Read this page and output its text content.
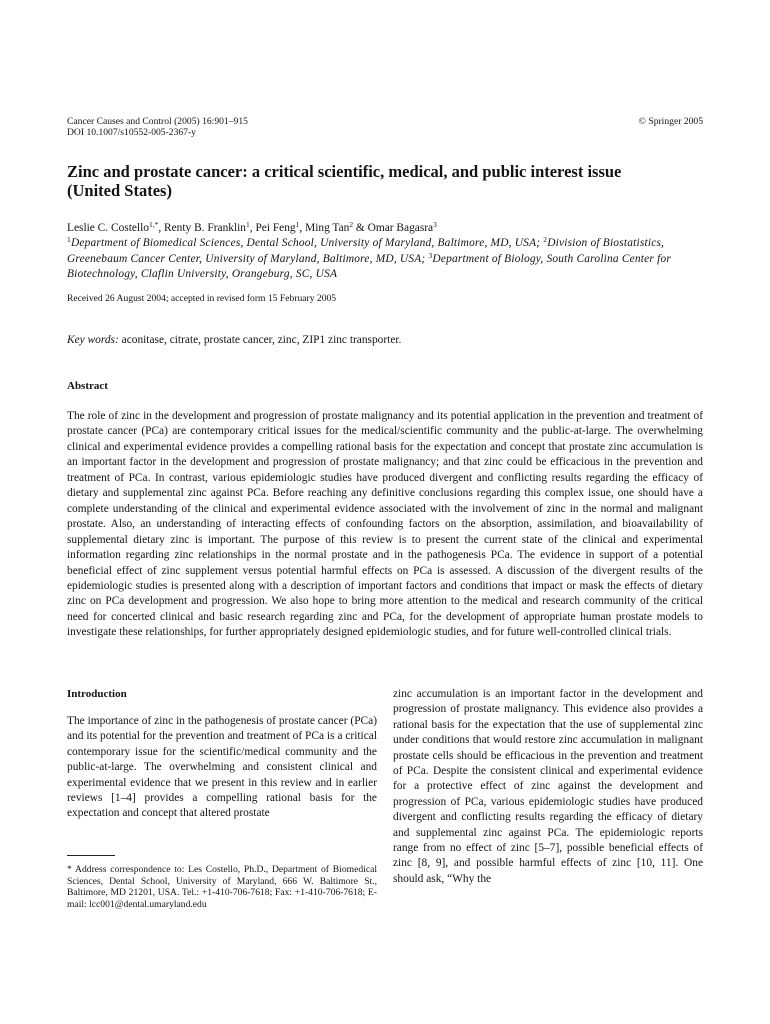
Cancer Causes and Control (2005) 16:901–915
DOI 10.1007/s10552-005-2367-y
© Springer 2005
Zinc and prostate cancer: a critical scientific, medical, and public interest issue
(United States)
Leslie C. Costello$^{1,*}$, Renty B. Franklin$^1$, Pei Feng$^1$, Ming Tan$^2$ & Omar Bagasra$^3$
$^1$Department of Biomedical Sciences, Dental School, University of Maryland, Baltimore, MD, USA; $^2$Division of Biostatistics, Greenebaum Cancer Center, University of Maryland, Baltimore, MD, USA; $^3$Department of Biology, South Carolina Center for Biotechnology, Claflin University, Orangeburg, SC, USA
Received 26 August 2004; accepted in revised form 15 February 2005
Key words: aconitase, citrate, prostate cancer, zinc, ZIP1 zinc transporter.
Abstract

The role of zinc in the development and progression of prostate malignancy and its potential application in the prevention and treatment of prostate cancer (PCa) are contemporary critical issues for the medical/scientific community and the public-at-large. The overwhelming clinical and experimental evidence provides a compelling rational basis for the expectation and concept that prostate zinc accumulation is an important factor in the development and progression of prostate malignancy; and that zinc could be efficacious in the prevention and treatment of PCa. In contrast, various epidemiologic studies have produced divergent and conflicting results regarding the efficacy of dietary and supplemental zinc against PCa. Before reaching any definitive conclusions regarding this complex issue, one should have a complete understanding of the clinical and experimental evidence associated with the involvement of zinc in the normal and malignant prostate. Also, an understanding of interacting effects of confounding factors on the absorption, assimilation, and bioavailability of supplemental dietary zinc is important. The purpose of this review is to present the current state of the clinical and experimental information regarding zinc relationships in the normal prostate and in the pathogenesis PCa. The evidence in support of a potential beneficial effect of zinc supplement versus potential harmful effects on PCa is assessed. A discussion of the divergent results of the epidemiologic studies is presented along with a description of important factors and conditions that impact or mask the effects of dietary zinc on PCa development and progression. We also hope to bring more attention to the medical and research community of the critical need for concerted clinical and basic research regarding zinc and PCa, for the development of appropriate human prostate models to investigate these relationships, for further appropriately designed epidemiologic studies, and for future well-controlled clinical trials.

Introduction

The importance of zinc in the pathogenesis of prostate cancer (PCa) and its potential for the prevention and treatment of PCa is a critical contemporary issue for the scientific/medical community and the public-at-large. The overwhelming and consistent clinical and experimental evidence that we present in this review and in earlier reviews [1–4] provides a compelling rational basis for the expectation and concept that altered prostate

zinc accumulation is an important factor in the development and progression of prostate malignancy. This evidence also provides a rational basis for the expectation that the use of supplemental zinc under conditions that would restore zinc accumulation in malignant prostate cells should be efficacious in the prevention and treatment of PCa. Despite the consistent clinical and experimental evidence for a protective effect of zinc against the development and progression of PCa, various epidemiologic studies have produced divergent and conflicting results regarding the efficacy of dietary and supplemental zinc against PCa. The epidemiologic reports range from no effect of zinc [5–7], possible beneficial effects of zinc [8, 9], and possible harmful effects of zinc [10, 11]. One should ask, “Why the

* Address correspondence to: Les Costello, Ph.D., Department of Biomedical Sciences, Dental School, University of Maryland, 666 W. Baltimore St., Baltimore, MD 21201, USA. Tel.: +1-410-706-7618; Fax: +1-410-706-7618; E-mail: lcc001@dental.umaryland.edu
